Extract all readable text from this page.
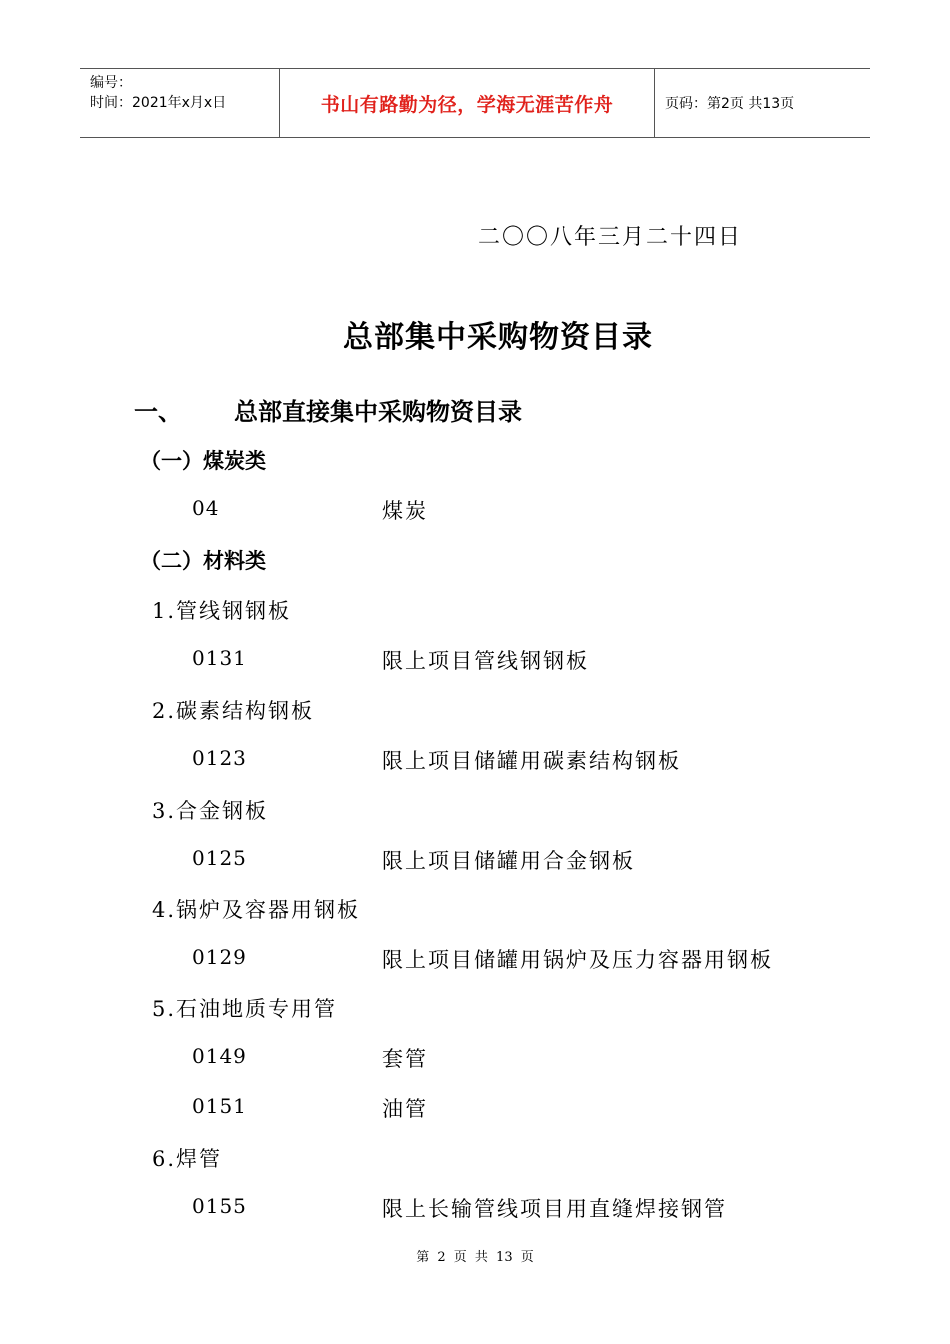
编号：
时间：2021年x月x日	书山有路勤为径，学海无涯苦作舟	页码：第2页 共13页
二〇〇八年三月二十四日
总部集中采购物资目录
一、 总部直接集中采购物资目录
（一）煤炭类
04	煤炭
（二）材料类
1.管线钢钢板
0131	限上项目管线钢钢板
2.碳素结构钢板
0123	限上项目储罐用碳素结构钢板
3.合金钢板
0125	限上项目储罐用合金钢板
4.锅炉及容器用钢板
0129	限上项目储罐用锅炉及压力容器用钢板
5.石油地质专用管
0149	套管
0151	油管
6.焊管
0155	限上长输管线项目用直缝焊接钢管
第 2 页 共 13 页
